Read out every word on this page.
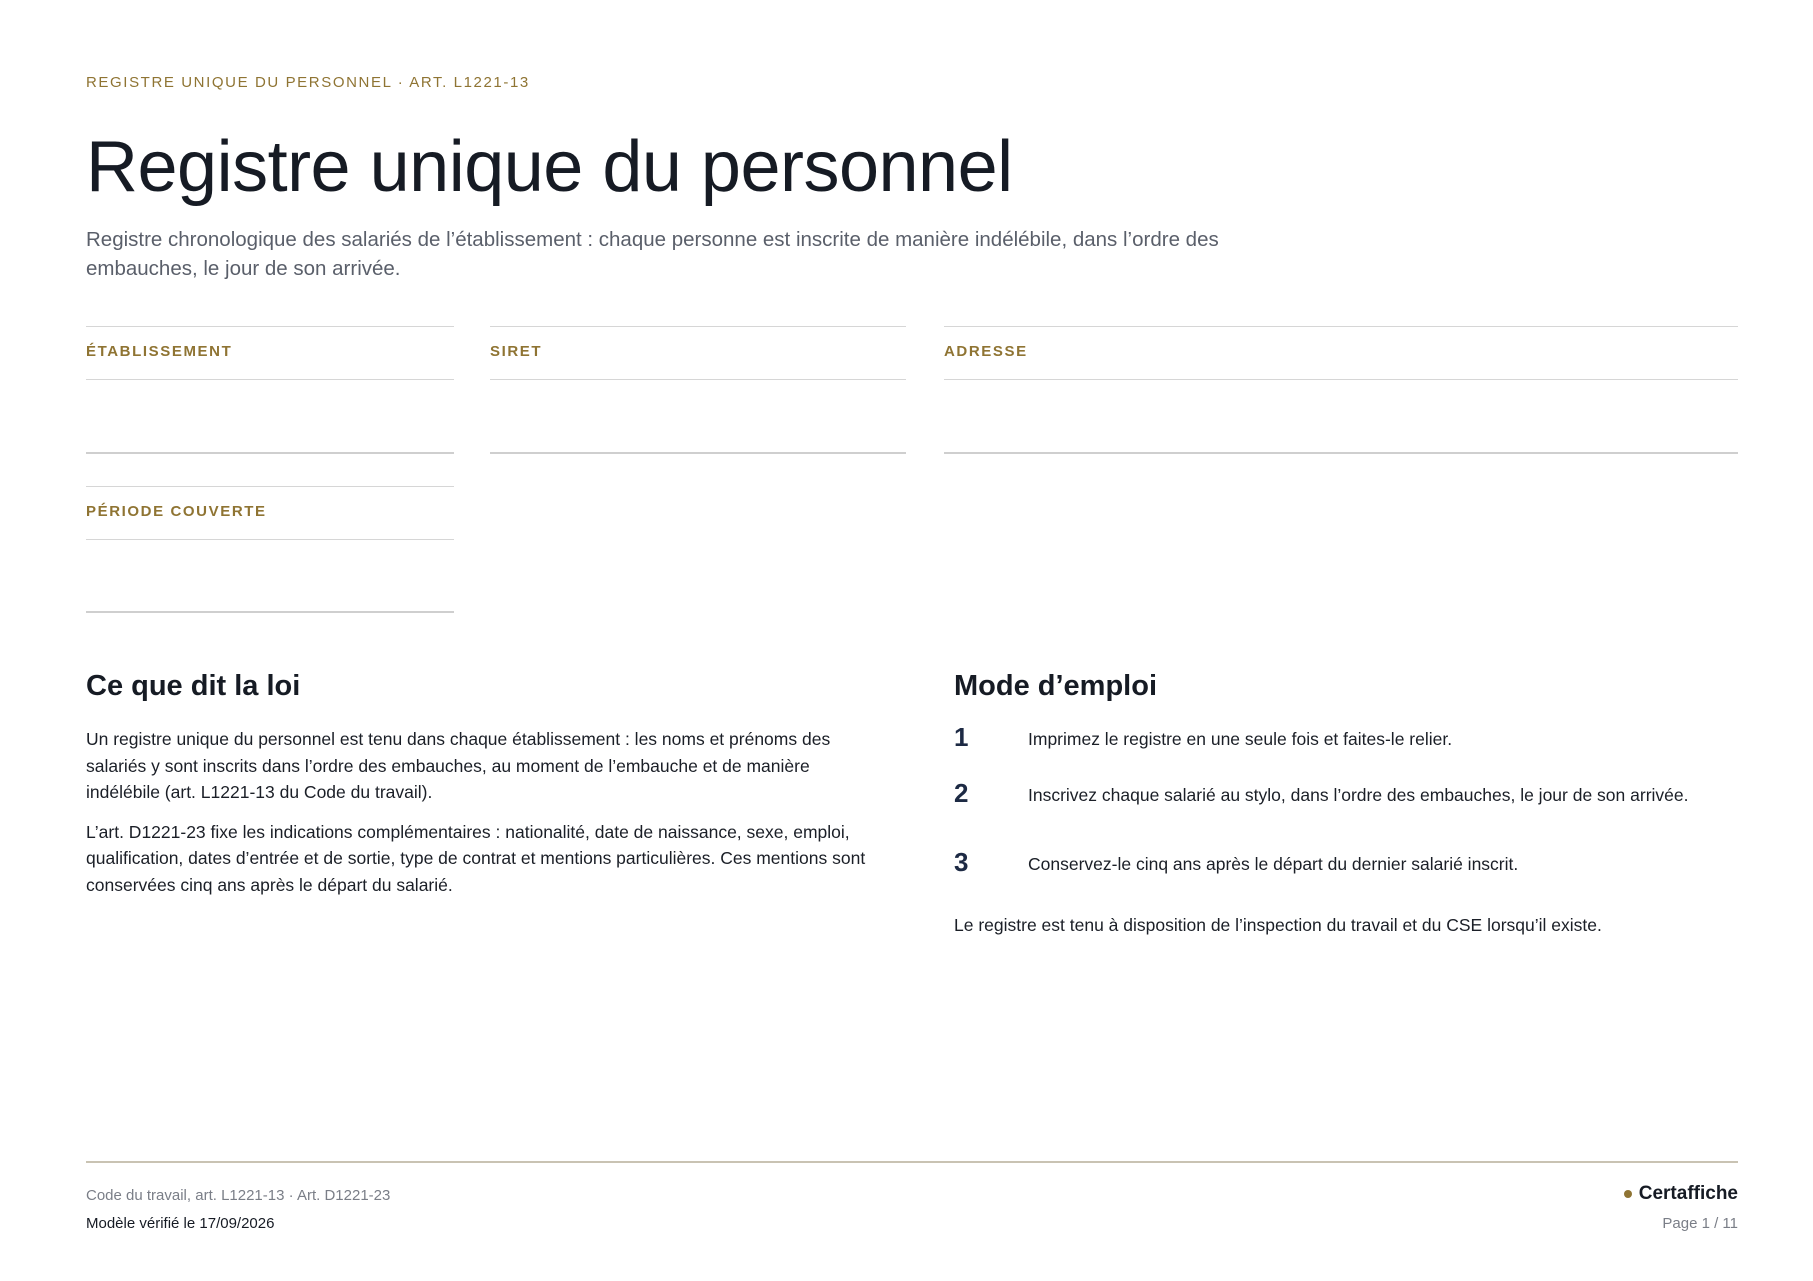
REGISTRE UNIQUE DU PERSONNEL · ART. L1221-13
Registre unique du personnel

Registre chronologique des salariés de l’établissement : chaque personne est inscrite de manière indélébile, dans l’ordre des embauches, le jour de son arrivée.

ÉTABLISSEMENT	SIRET	ADRESSE
PÉRIODE COUVERTE
Ce que dit la loi

Un registre unique du personnel est tenu dans chaque établissement : les noms et prénoms des salariés y sont inscrits dans l’ordre des embauches, au moment de l’embauche et de manière indélébile (art. L1221-13 du Code du travail).

L’art. D1221-23 fixe les indications complémentaires : nationalité, date de naissance, sexe, emploi, qualification, dates d’entrée et de sortie, type de contrat et mentions particulières. Ces mentions sont conservées cinq ans après le départ du salarié.

Mode d’emploi
1	Imprimez le registre en une seule fois et faites-le relier.
2	Inscrivez chaque salarié au stylo, dans l’ordre des embauches, le jour de son arrivée.
3	Conservez-le cinq ans après le départ du dernier salarié inscrit.

Le registre est tenu à disposition de l’inspection du travail et du CSE lorsqu’il existe.

Code du travail, art. L1221-13 · Art. D1221-23
Modèle vérifié le 17/09/2026
Certaffiche
Page 1 / 11
